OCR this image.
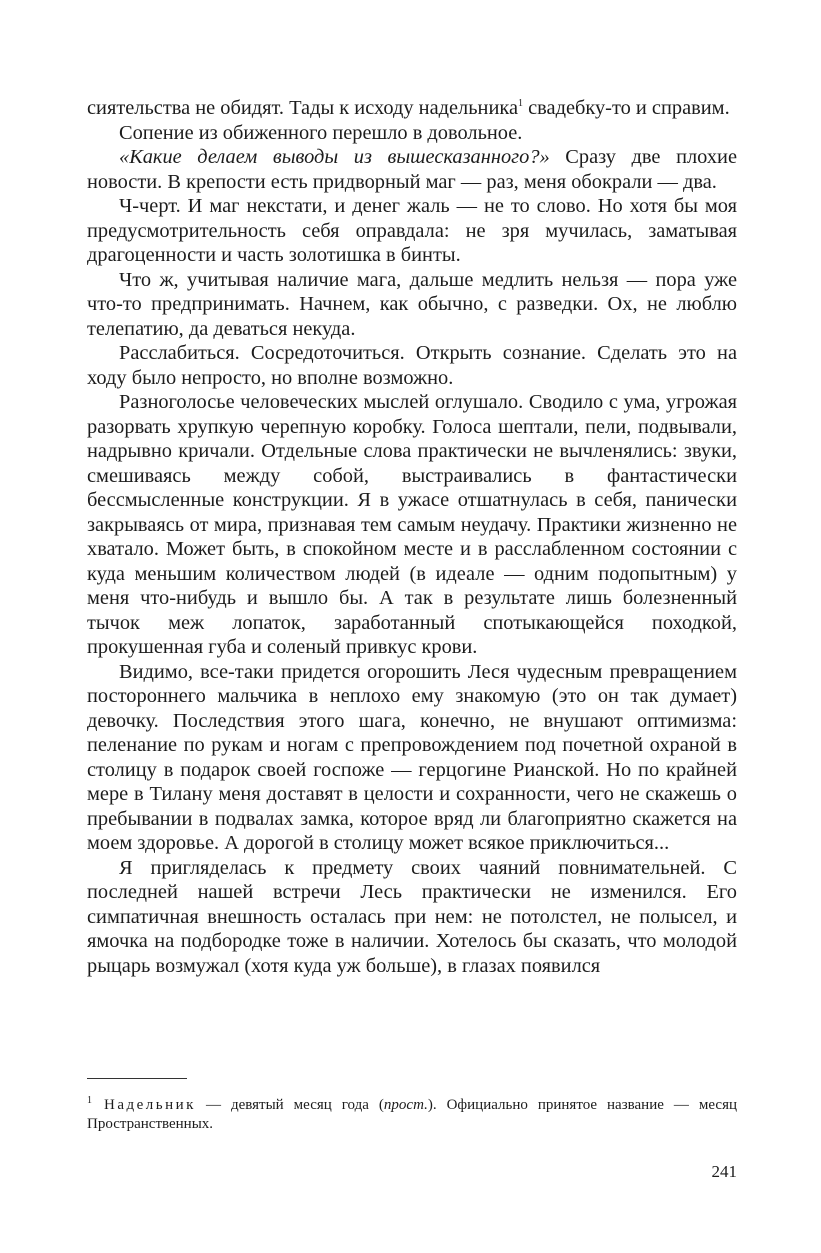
сиятельства не обидят. Тады к исходу надельника$^1$ свадебку-то и справим.

Сопение из обиженного перешло в довольное.

«Какие делаем выводы из вышесказанного?» Сразу две плохие новости. В крепости есть придворный маг — раз, меня обокрали — два.

Ч-черт. И маг некстати, и денег жаль — не то слово. Но хотя бы моя предусмотрительность себя оправдала: не зря мучилась, заматывая драгоценности и часть золотишка в бинты.

Что ж, учитывая наличие мага, дальше медлить нельзя — пора уже что-то предпринимать. Начнем, как обычно, с разведки. Ох, не люблю телепатию, да деваться некуда.

Расслабиться. Сосредоточиться. Открыть сознание. Сделать это на ходу было непросто, но вполне возможно.

Разноголосье человеческих мыслей оглушало. Сводило с ума, угрожая разорвать хрупкую черепную коробку. Голоса шептали, пели, подвывали, надрывно кричали. Отдельные слова практически не вычленялись: звуки, смешиваясь между собой, выстраивались в фантастически бессмысленные конструкции. Я в ужасе отшатнулась в себя, панически закрываясь от мира, признавая тем самым неудачу. Практики жизненно не хватало. Может быть, в спокойном месте и в расслабленном состоянии с куда меньшим количеством людей (в идеале — одним подопытным) у меня что-нибудь и вышло бы. А так в результате лишь болезненный тычок меж лопаток, заработанный спотыкающейся походкой, прокушенная губа и соленый привкус крови.

Видимо, все-таки придется огорошить Леся чудесным превращением постороннего мальчика в неплохо ему знакомую (это он так думает) девочку. Последствия этого шага, конечно, не внушают оптимизма: пеленание по рукам и ногам с препровождением под почетной охраной в столицу в подарок своей госпоже — герцогине Рианской. Но по крайней мере в Тилану меня доставят в целости и сохранности, чего не скажешь о пребывании в подвалах замка, которое вряд ли благоприятно скажется на моем здоровье. А дорогой в столицу может всякое приключиться...

Я пригляделась к предмету своих чаяний повнимательней. С последней нашей встречи Лесь практически не изменился. Его симпатичная внешность осталась при нем: не потолстел, не полысел, и ямочка на подбородке тоже в наличии. Хотелось бы сказать, что молодой рыцарь возмужал (хотя куда уж больше), в глазах появился

$^1$ Надельник — девятый месяц года (прост.). Официально принятое название — месяц Пространственных.
241
